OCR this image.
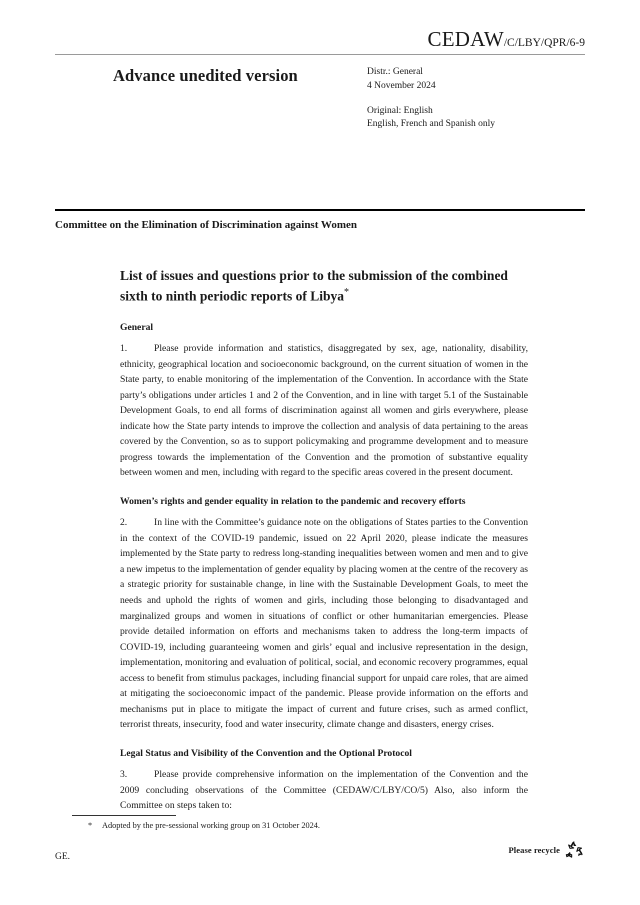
CEDAW/C/LBY/QPR/6-9
Advance unedited version	Distr.: General
4 November 2024
Original: English
English, French and Spanish only
Committee on the Elimination of Discrimination against Women
List of issues and questions prior to the submission of the combined sixth to ninth periodic reports of Libya*
General

1.	Please provide information and statistics, disaggregated by sex, age, nationality, disability, ethnicity, geographical location and socioeconomic background, on the current situation of women in the State party, to enable monitoring of the implementation of the Convention. In accordance with the State party’s obligations under articles 1 and 2 of the Convention, and in line with target 5.1 of the Sustainable Development Goals, to end all forms of discrimination against all women and girls everywhere, please indicate how the State party intends to improve the collection and analysis of data pertaining to the areas covered by the Convention, so as to support policymaking and programme development and to measure progress towards the implementation of the Convention and the promotion of substantive equality between women and men, including with regard to the specific areas covered in the present document.

Women’s rights and gender equality in relation to the pandemic and recovery efforts

2.	In line with the Committee’s guidance note on the obligations of States parties to the Convention in the context of the COVID-19 pandemic, issued on 22 April 2020, please indicate the measures implemented by the State party to redress long-standing inequalities between women and men and to give a new impetus to the implementation of gender equality by placing women at the centre of the recovery as a strategic priority for sustainable change, in line with the Sustainable Development Goals, to meet the needs and uphold the rights of women and girls, including those belonging to disadvantaged and marginalized groups and women in situations of conflict or other humanitarian emergencies. Please provide detailed information on efforts and mechanisms taken to address the long-term impacts of COVID-19, including guaranteeing women and girls’ equal and inclusive representation in the design, implementation, monitoring and evaluation of political, social, and economic recovery programmes, equal access to benefit from stimulus packages, including financial support for unpaid care roles, that are aimed at mitigating the socioeconomic impact of the pandemic. Please provide information on the efforts and mechanisms put in place to mitigate the impact of current and future crises, such as armed conflict, terrorist threats, insecurity, food and water insecurity, climate change and disasters, energy crises.

Legal Status and Visibility of the Convention and the Optional Protocol

3.	Please provide comprehensive information on the implementation of the Convention and the 2009 concluding observations of the Committee (CEDAW/C/LBY/CO/5) Also, also inform the Committee on steps taken to:

* Adopted by the pre-sessional working group on 31 October 2024.
GE.
Please recycle
